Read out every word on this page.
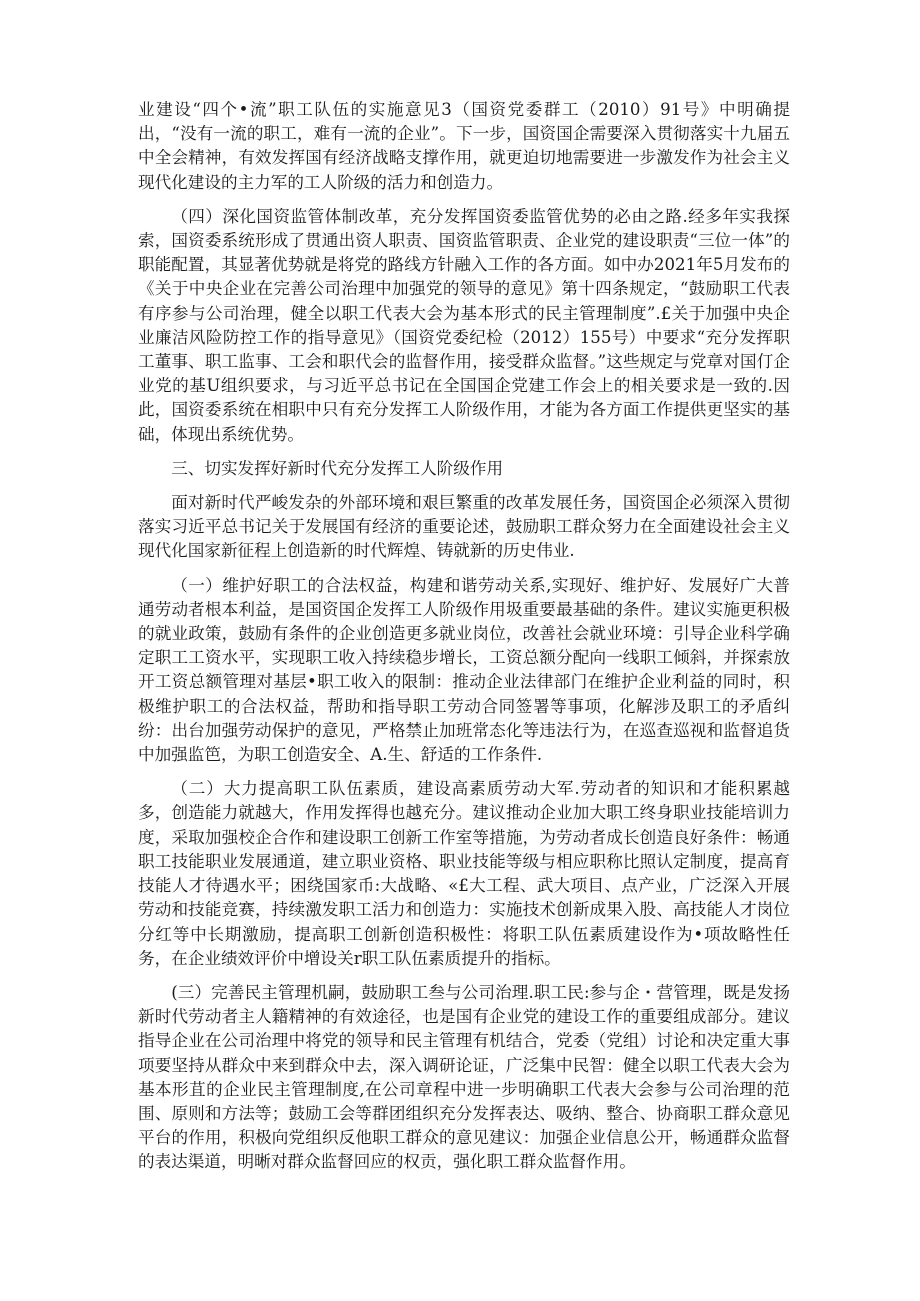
业建设“四个•流”职工队伍的实施意见3（国资党委群工（2010）91号》中明确提出，“没有一流的职工，难有一流的企业”。下一步，国资国企需要深入贯彻落实十九届五中全会精神，有效发挥国有经济战略支撑作用，就更迫切地需要进一步激发作为社会主义现代化建设的主力军的工人阶级的活力和创造力。

（四）深化国资监管体制改革，充分发挥国资委监管优势的必由之路.经多年实我探索，国资委系统形成了贯通出资人职责、国资监管职责、企业党的建设职责“三位一体”的职能配置，其显著优势就是将党的路线方针融入工作的各方面。如中办2021年5月发布的《关于中央企业在完善公司治理中加强党的领导的意见》第十四条规定，“鼓励职工代表有序参与公司治理，健全以职工代表大会为基本形式的民主管理制度”.£关于加强中央企业廉洁风险防控工作的指导意见》（国资党委纪检（2012）155号）中要求“充分发挥职工董事、职工监事、工会和职代会的监督作用，接受群众监督。”这些规定与党章对国仃企业党的基U组织要求，与习近平总书记在全国国企党建工作会上的相关要求是一致的.因此，国资委系统在相职中只有充分发挥工人阶级作用，才能为各方面工作提供更坚实的基础，体现出系统优势。

三、切实发挥好新时代充分发挥工人阶级作用

面对新时代严峻发杂的外部环境和艰巨繁重的改革发展任务，国资国企必须深入贯彻落实习近平总书记关于发展国有经济的重要论述，鼓励职工群众努力在全面建设社会主义现代化国家新征程上创造新的时代辉煌、铸就新的历史伟业.

（一）维护好职工的合法权益，构建和谐劳动关系,实现好、维护好、发展好广大普通劳动者根本利益，是国资国企发挥工人阶级作用圾重要最基础的条件。建议实施更积极的就业政策，鼓励有条件的企业创造更多就业岗位，改善社会就业环境：引导企业科学确定职工工资水平，实现职工收入持续稳步增长，工资总额分配向一线职工倾斜，并探索放开工资总额管理对基层•职工收入的限制：推动企业法律部门在维护企业利益的同时，积极维护职工的合法权益，帮助和指导职工劳动合同签署等事项，化解涉及职工的矛盾纠纷：出台加强劳动保护的意见，严格禁止加班常态化等违法行为，在巡查巡视和监督追货中加强监笆，为职工创造安全、A.生、舒适的工作条件.

（二）大力提高职工队伍素质，建设高素质劳动大军.劳动者的知识和才能积累越多，创造能力就越大，作用发挥得也越充分。建议推动企业加大职工终身职业技能培训力度，采取加强校企合作和建设职工创新工作室等措施，为劳动者成长创造良好条件：畅通职工技能职业发展通道，建立职业资格、职业技能等级与相应职称比照认定制度，提高育技能人才待遇水平；困绕国家币:大战略、«£大工程、武大项目、点产业，广泛深入开展劳动和技能竞赛，持续激发职工活力和创造力：实施技术创新成果入股、高技能人才岗位分红等中长期激励，提高职工创新创造积极性：将职工队伍素质建设作为•项故略性任务，在企业绩效评价中增设关r职工队伍素质提升的指标。

(三）完善民主管理机嗣，鼓励职工叁与公司治理.职工民:参与企・营管理，既是发扬新时代劳动者主人籍精神的有效途径，也是国有企业党的建设工作的重要组成部分。建议指导企业在公司治理中将党的领导和民主管理有机结合，党委（党组）讨论和决定重大事项要坚持从群众中来到群众中去，深入调研论证，广泛集中民智：健全以职工代表大会为基本形苴的企业民主管理制度,在公司章程中进一步明确职工代表大会参与公司治理的范围、原则和方法等；鼓励工会等群团组织充分发挥表达、吸纳、整合、协商职工群众意见平台的作用，积极向党组织反他职工群众的意见建议：加强企业信息公开，畅通群众监督的表达渠道，明晰对群众监督回应的权贡，强化职工群众监督作用。
